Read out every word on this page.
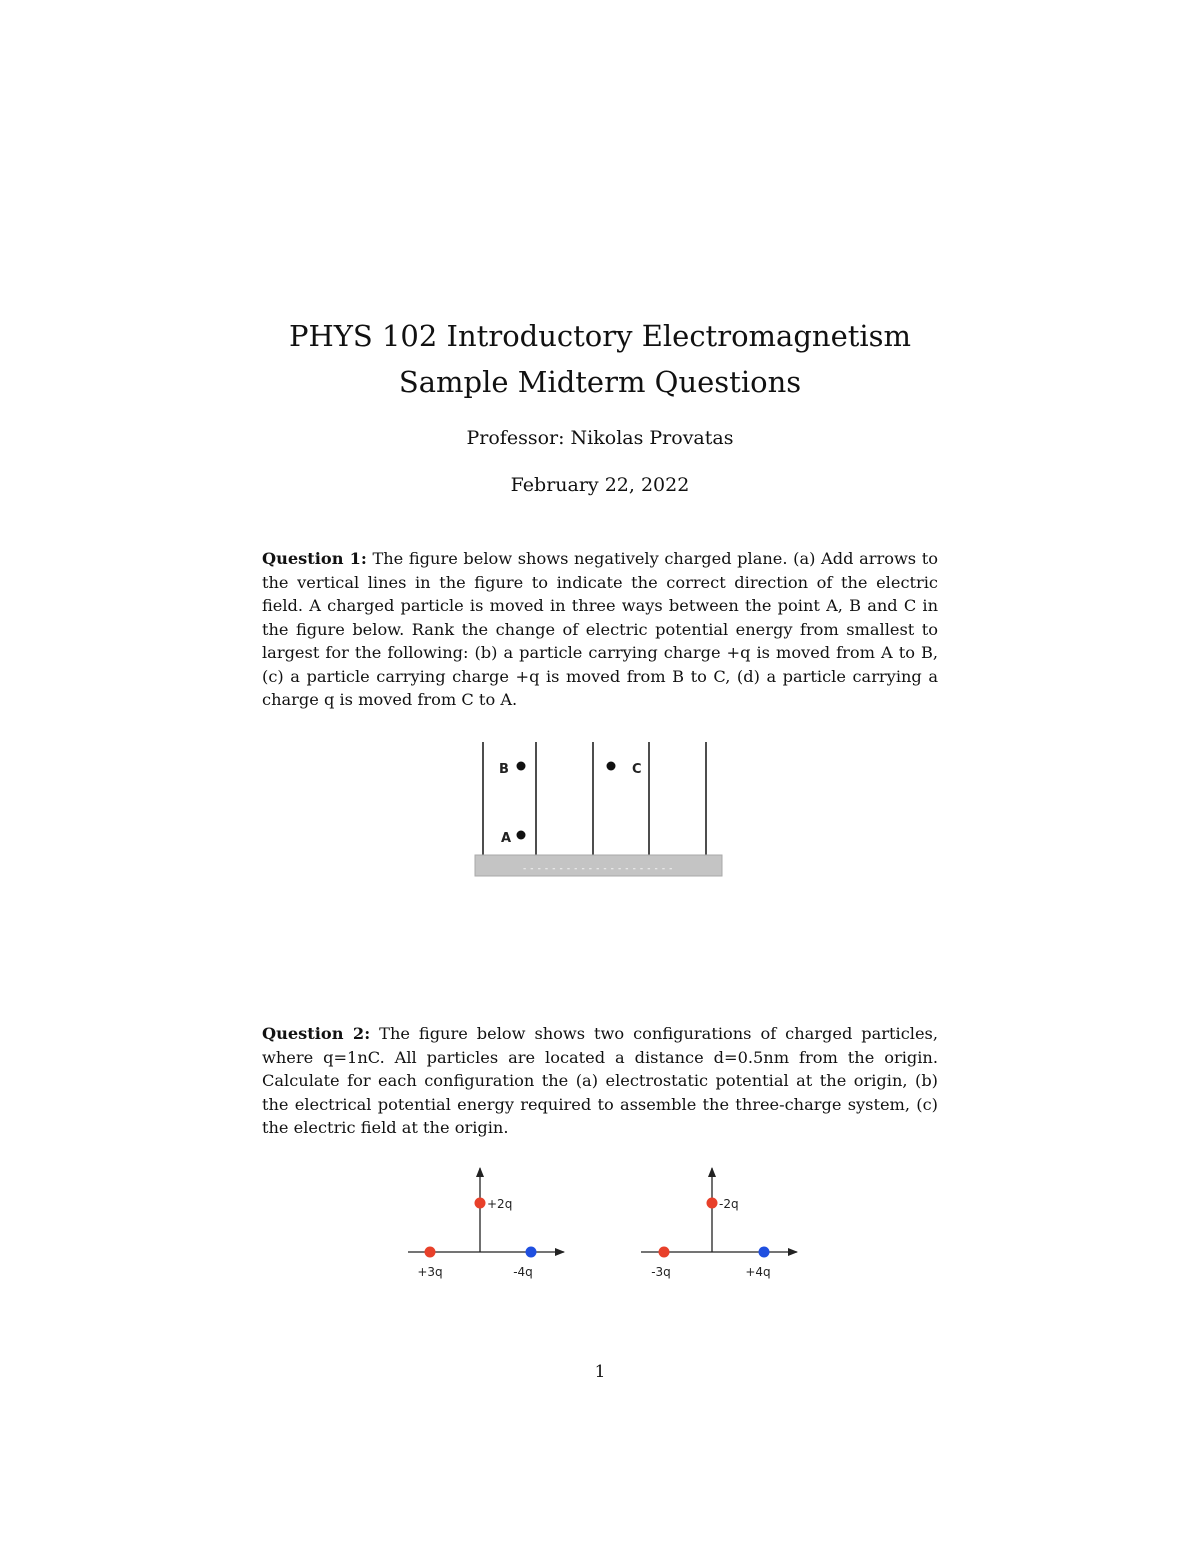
PHYS 102 Introductory Electromagnetism
Sample Midterm Questions
Professor: Nikolas Provatas
February 22, 2022
Question 1: The figure below shows negatively charged plane. (a) Add arrows to the vertical lines in the figure to indicate the correct direction of the electric field. A charged particle is moved in three ways between the point A, B and C in the figure below. Rank the change of electric potential energy from smallest to largest for the following: (b) a particle carrying charge +q is moved from A to B, (c) a particle carrying charge +q is moved from B to C, (d) a particle carrying a charge q is moved from C to A.
- - - - - - - - - - - - - - - - - - - - -
B
A
C
Question 2: The figure below shows two configurations of charged particles, where q=1nC. All particles are located a distance d=0.5nm from the origin. Calculate for each configuration the (a) electrostatic potential at the origin, (b) the electrical potential energy required to assemble the three-charge system, (c) the electric field at the origin.
+2q
+3q	-4q
-2q
-3q	+4q
1
